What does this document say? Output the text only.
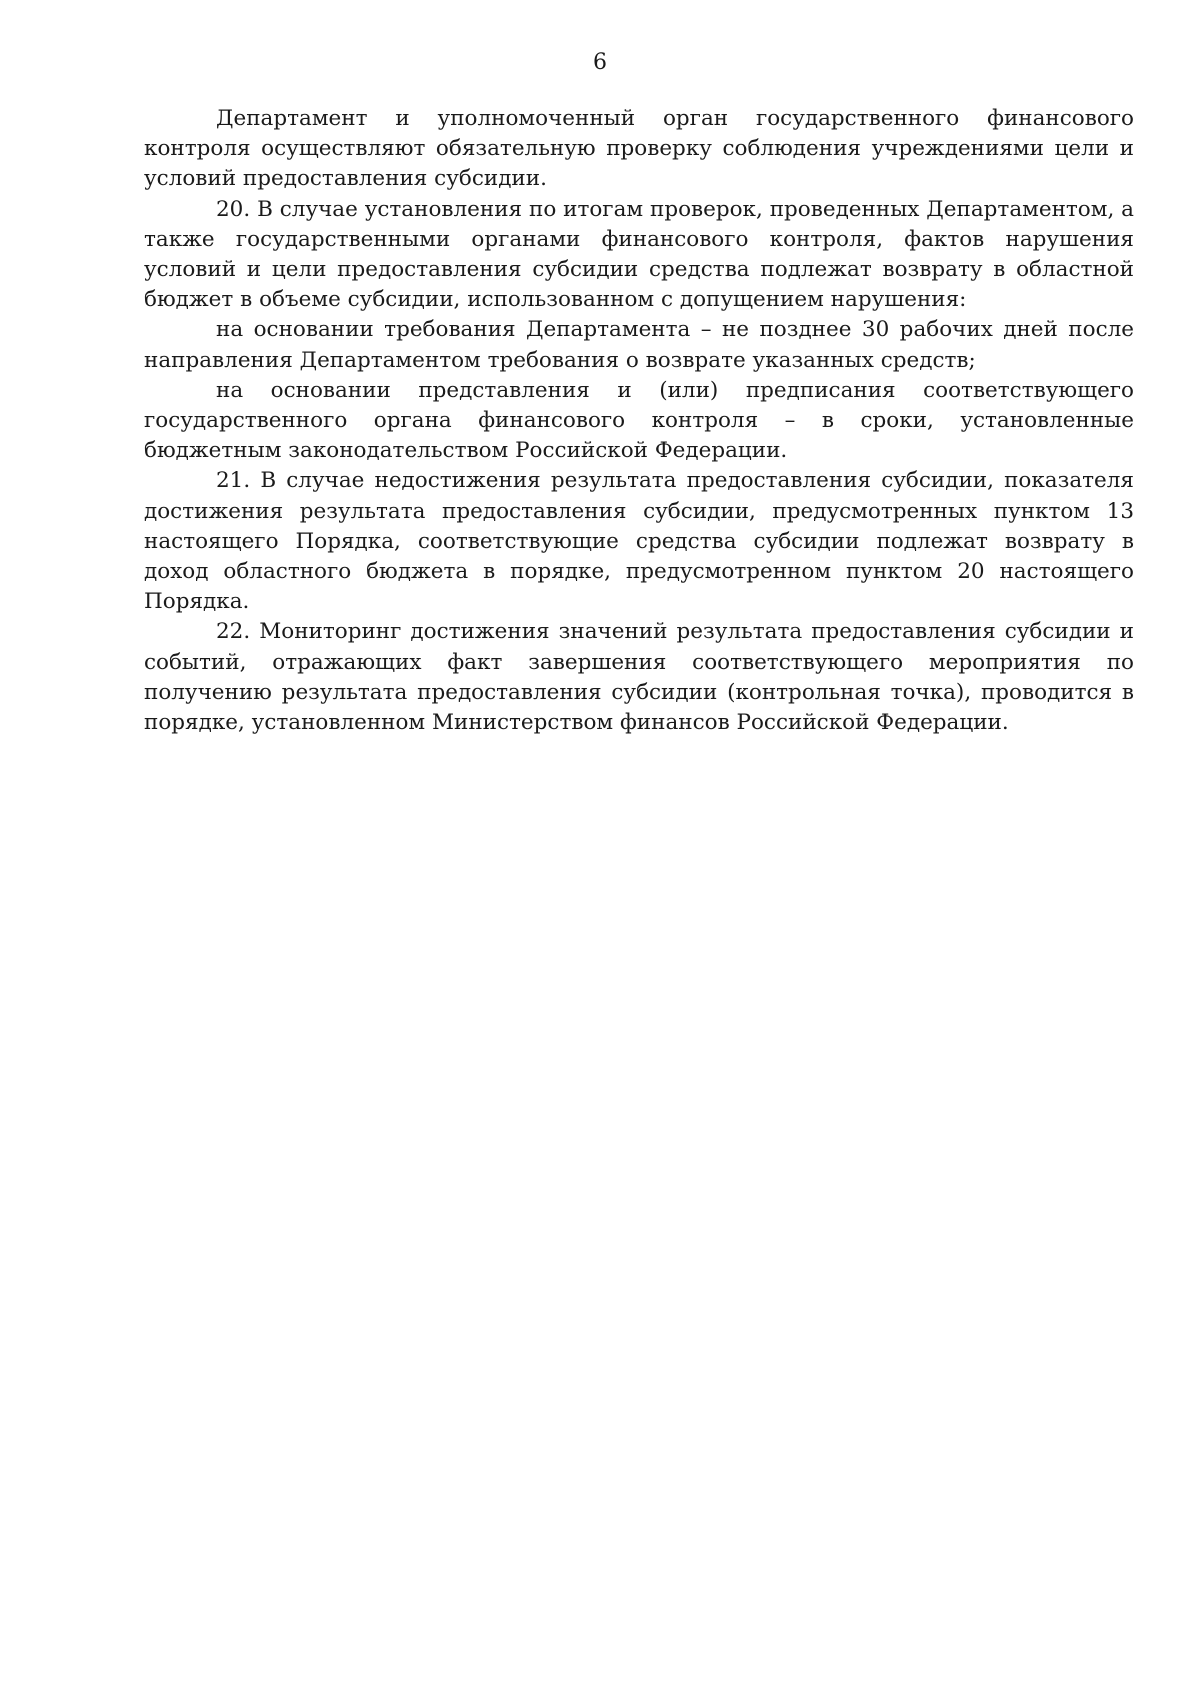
6

Департамент и уполномоченный орган государственного финансового контроля осуществляют обязательную проверку соблюдения учреждениями цели и условий предоставления субсидии.

20. В случае установления по итогам проверок, проведенных Департаментом, а также государственными органами финансового контроля, фактов нарушения условий и цели предоставления субсидии средства подлежат возврату в областной бюджет в объеме субсидии, использованном с допущением нарушения:

на основании требования Департамента – не позднее 30 рабочих дней после направления Департаментом требования о возврате указанных средств;

на основании представления и (или) предписания соответствующего государственного органа финансового контроля – в сроки, установленные бюджетным законодательством Российской Федерации.

21. В случае недостижения результата предоставления субсидии, показателя достижения результата предоставления субсидии, предусмотренных пунктом 13 настоящего Порядка, соответствующие средства субсидии подлежат возврату в доход областного бюджета в порядке, предусмотренном пунктом 20 настоящего Порядка.

22. Мониторинг достижения значений результата предоставления субсидии и событий, отражающих факт завершения соответствующего мероприятия по получению результата предоставления субсидии (контрольная точка), проводится в порядке, установленном Министерством финансов Российской Федерации.
